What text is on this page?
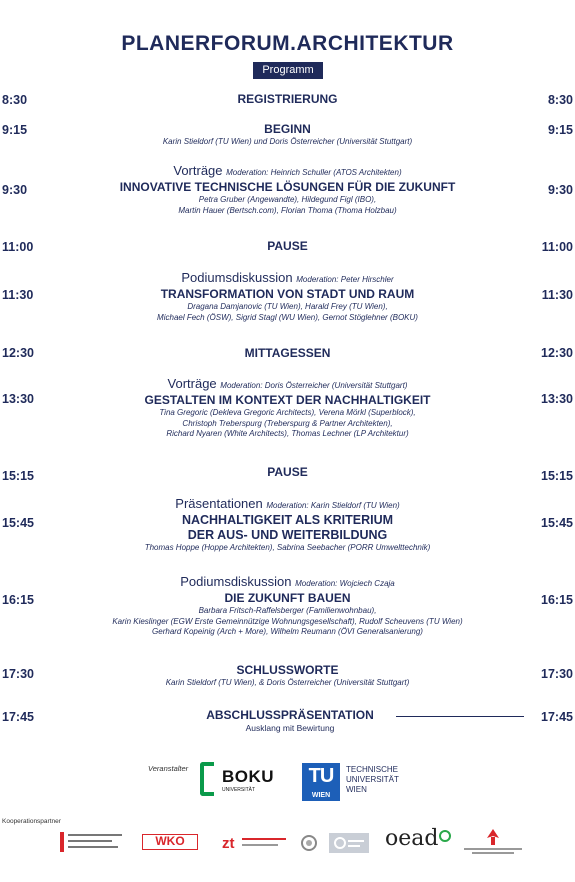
PLANERFORUM.ARCHITEKTUR
Programm
8:30	8:30
REGISTRIERUNG
9:15	9:15
BEGINN
Karin Stieldorf (TU Wien) und Doris Österreicher (Universität Stuttgart)
9:30	9:30
Vorträge Moderation: Heinrich Schuller (ATOS Architekten)
INNOVATIVE TECHNISCHE LÖSUNGEN FÜR DIE ZUKUNFT
Petra Gruber (Angewandte), Hildegund Figl (IBO),
Martin Hauer (Bertsch.com), Florian Thoma (Thoma Holzbau)
11:00	11:00
PAUSE
11:30	11:30
Podiumsdiskussion Moderation: Peter Hirschler
TRANSFORMATION VON STADT UND RAUM
Dragana Damjanovic (TU Wien), Harald Frey (TU Wien),
Michael Fech (ÖSW), Sigrid Stagl (WU Wien), Gernot Stöglehner (BOKU)
12:30	12:30
MITTAGESSEN
13:30	13:30
Vorträge Moderation: Doris Österreicher (Universität Stuttgart)
GESTALTEN IM KONTEXT DER NACHHALTIGKEIT
Tina Gregoric (Dekleva Gregoric Architects), Verena Mörkl (Superblock),
Christoph Treberspurg (Treberspurg & Partner Architekten),
Richard Nyaren (White Architects), Thomas Lechner (LP Architektur)
15:15	15:15
PAUSE
15:45	15:45
Präsentationen Moderation: Karin Stieldorf (TU Wien)
NACHHALTIGKEIT ALS KRITERIUM
DER AUS- UND WEITERBILDUNG
Thomas Hoppe (Hoppe Architekten), Sabrina Seebacher (PORR Umwelttechnik)
16:15	16:15
Podiumsdiskussion Moderation: Wojciech Czaja
DIE ZUKUNFT BAUEN
Barbara Fritsch-Raffelsberger (Familienwohnbau),
Karin Kieslinger (EGW Erste Gemeinnützige Wohnungsgesellschaft), Rudolf Scheuvens (TU Wien)
Gerhard Kopeinig (Arch + More), Wilhelm Reumann (ÖVI Generalsanierung)
17:30	17:30
SCHLUSSWORTE
Karin Stieldorf (TU Wien), & Doris Österreicher (Universität Stuttgart)
17:45	17:45
ABSCHLUSSPRÄSENTATION
Ausklang mit Bewirtung
Veranstalter BOKU
UNIVERSITÄT
TU
WIEN
TECHNISCHE
UNIVERSITÄT
WIEN
Kooperationspartner
WKO	zt	oead
